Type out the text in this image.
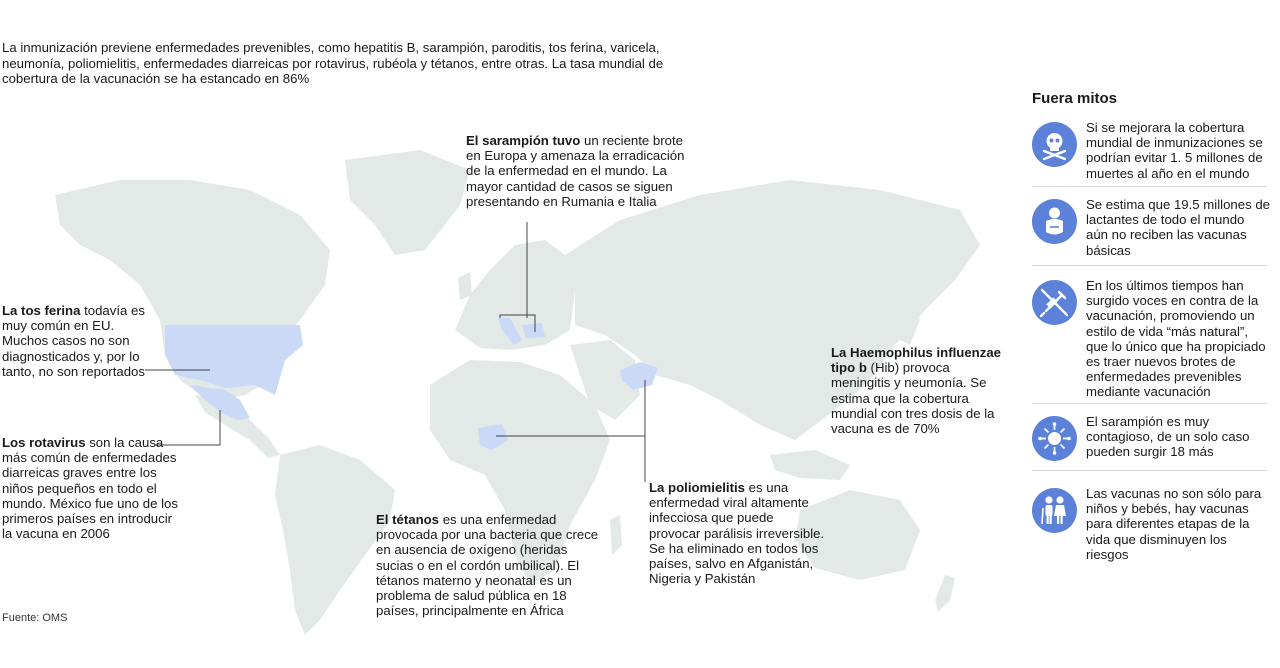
La inmunización previene enfermedades prevenibles, como hepatitis B, sarampión, paroditis, tos ferina, varicela, neumonía, poliomielitis, enfermedades diarreicas por rotavirus, rubéola y tétanos, entre otras. La tasa mundial de cobertura de la vacunación se ha estancado en 86%

El sarampión tuvo un reciente brote en Europa y amenaza la erradicación de la enfermedad en el mundo. La mayor cantidad de casos se siguen presentando en Rumania e Italia

La tos ferina todavía es muy común en EU. Muchos casos no son diagnosticados y, por lo tanto, no son reportados

Los rotavirus son la causa más común de enfermedades diarreicas graves entre los niños pequeños en todo el mundo. México fue uno de los primeros países en introducir la vacuna en 2006

El tétanos es una enfermedad provocada por una bacteria que crece en ausencia de oxígeno (heridas sucias o en el cordón umbilical). El tétanos materno y neonatal es un problema de salud pública en 18 países, principalmente en África

La poliomielitis es una enfermedad viral altamente infecciosa que puede provocar parálisis irreversible. Se ha eliminado en todos los países, salvo en Afganistán, Nigeria y Pakistán

La Haemophilus influenzae tipo b (Hib) provoca meningitis y neumonía. Se estima que la cobertura mundial con tres dosis de la vacuna es de 70%

Fuente: OMS
Fuera mitos

Si se mejorara la cobertura mundial de inmunizaciones se podrían evitar 1. 5 millones de muertes al año en el mundo

Se estima que 19.5 millones de lactantes de todo el mundo aún no reciben las vacunas básicas

En los últimos tiempos han surgido voces en contra de la vacunación, promoviendo un estilo de vida “más natural”, que lo único que ha propiciado es traer nuevos brotes de enfermedades prevenibles mediante vacunación

El sarampión es muy contagioso, de un solo caso pueden surgir 18 más

Las vacunas no son sólo para niños y bebés, hay vacunas para diferentes etapas de la vida que disminuyen los riesgos
